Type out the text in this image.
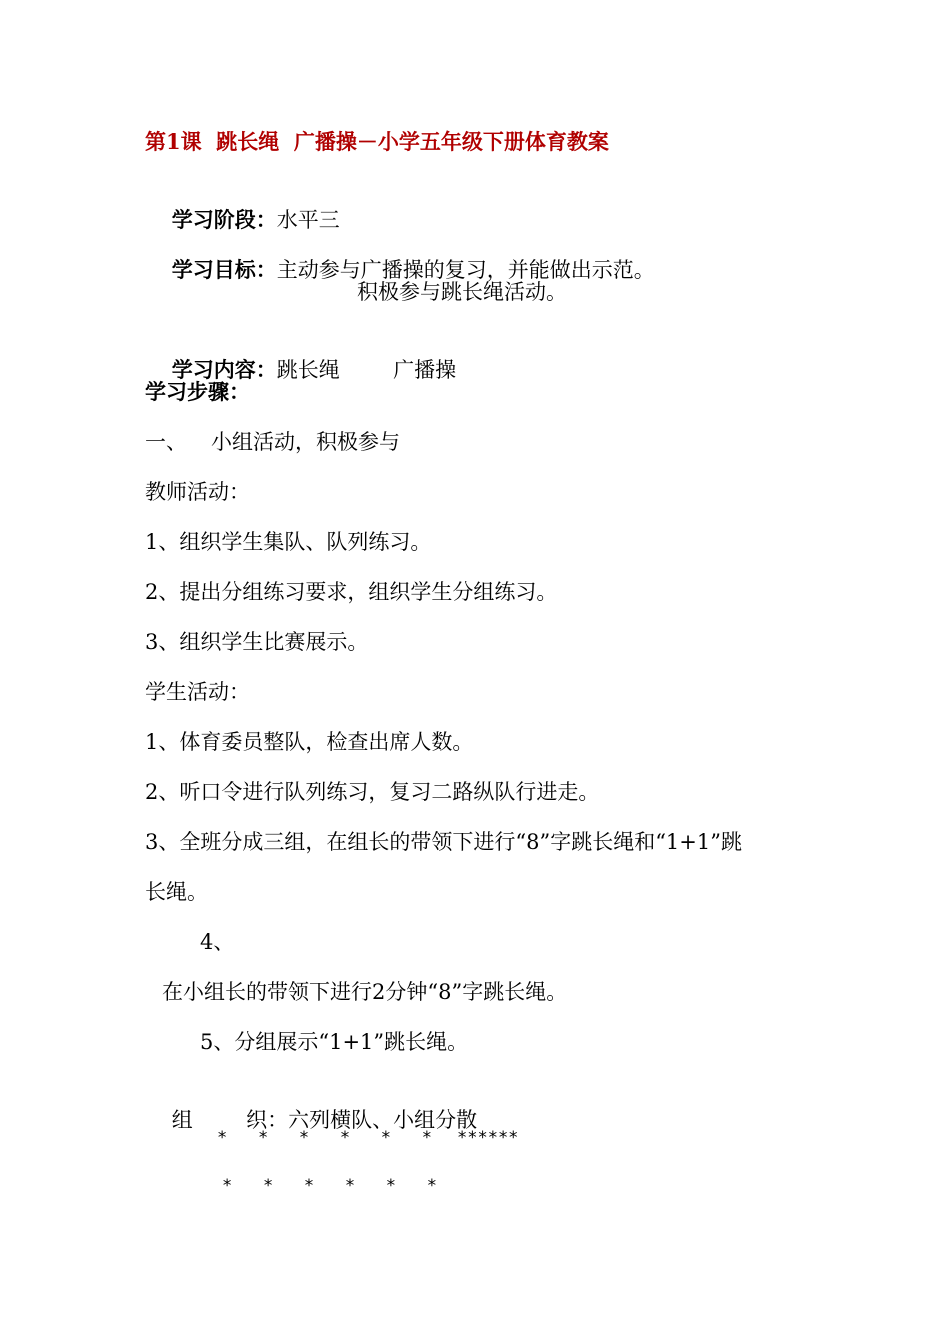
第1课  跳长绳  广播操－小学五年级下册体育教案

学习阶段：水平三

学习目标：主动参与广播操的复习，并能做出示范。

积极参与跳长绳活动。

学习内容：跳长绳        广播操

学习步骤：
一、 小组活动，积极参与
教师活动：
1、组织学生集队、队列练习。
2、提出分组练习要求，组织学生分组练习。
3、组织学生比赛展示。
学生活动：
1、体育委员整队，检查出席人数。
2、听口令进行队列练习，复习二路纵队行进走。
3、全班分成三组，在组长的带领下进行“8”字跳长绳和“1+1”跳
长绳。
4、
在小组长的带领下进行2分钟“8”字跳长绳。
5、分组展示“1+1”跳长绳。

组        织：六列横队、小组分散

*   *   *   *   *   * ******
*   *   *   *   *   *
